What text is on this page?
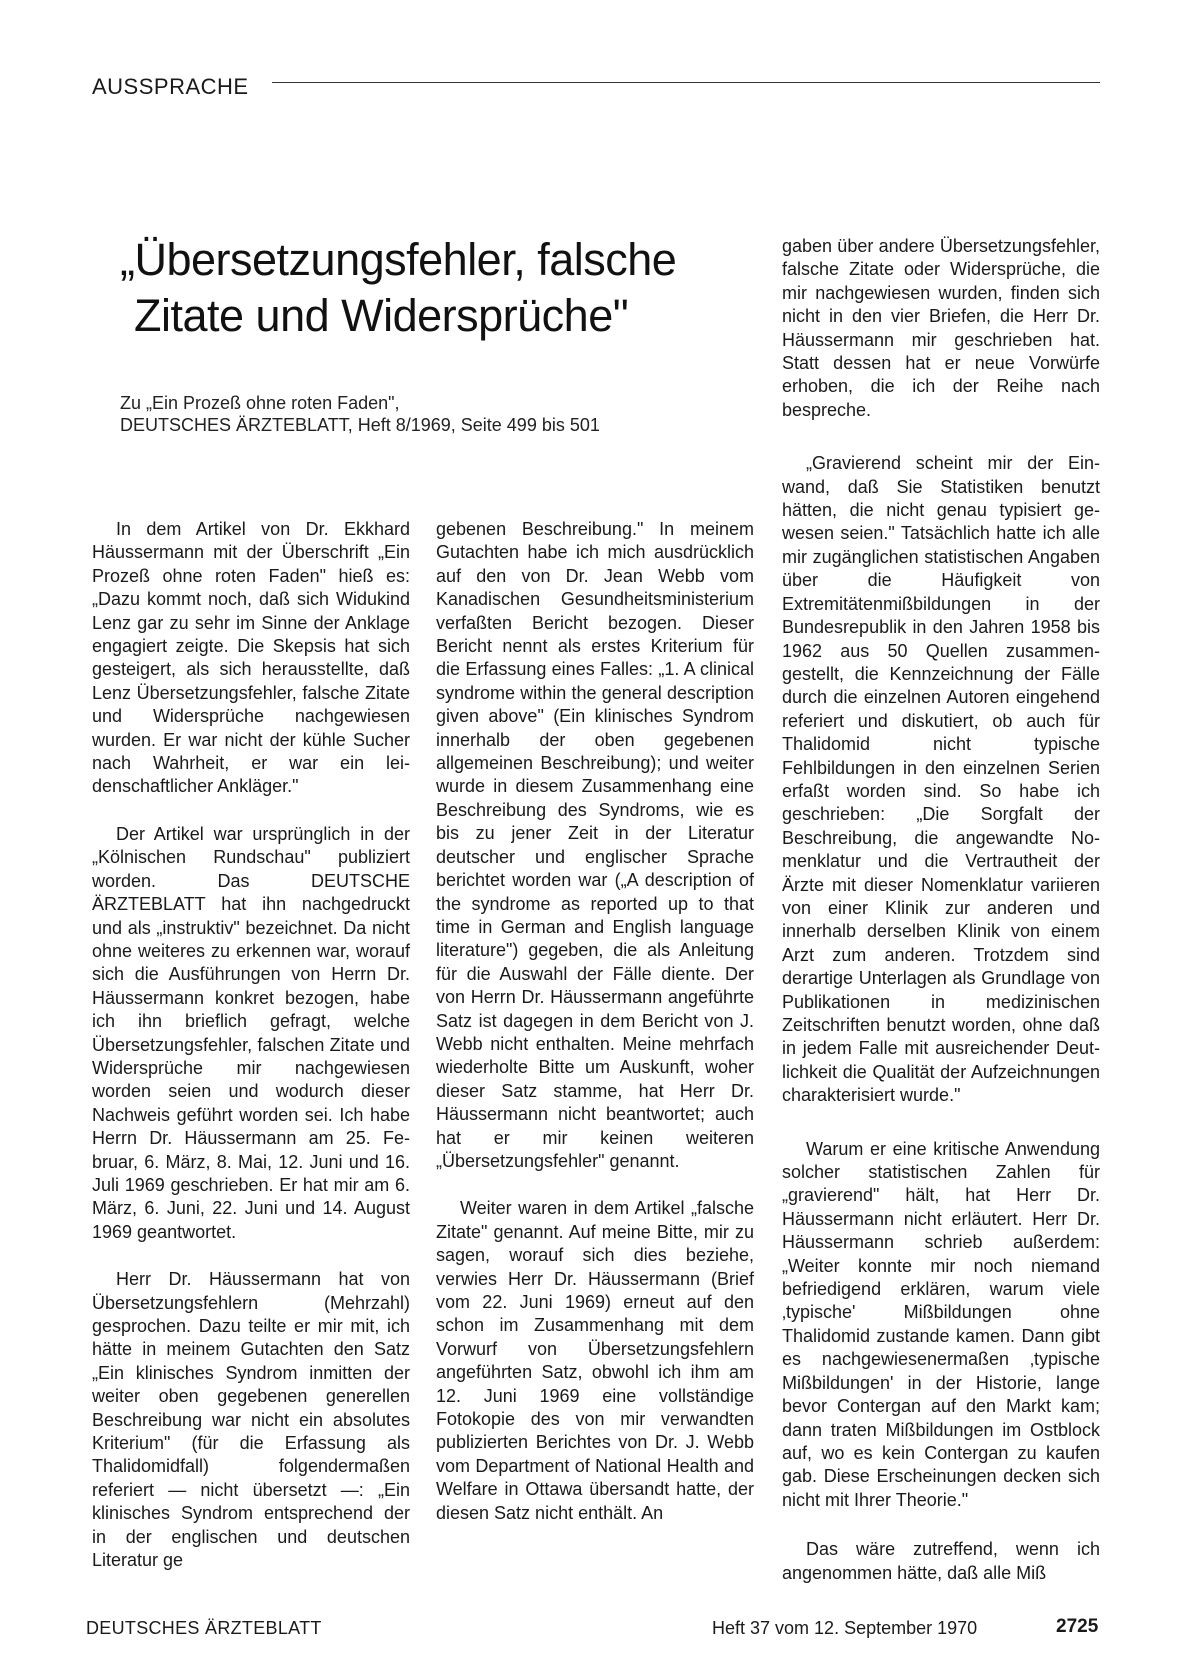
AUSSPRACHE
„Übersetzungsfehler, falsche
Zitate und Widersprüche"
Zu „Ein Prozeß ohne roten Faden",
DEUTSCHES ÄRZTEBLATT, Heft 8/1969, Seite 499 bis 501

In dem Artikel von Dr. Ekkhard Häussermann mit der Überschrift „Ein Prozeß ohne roten Faden" hieß es: „Dazu kommt noch, daß sich Widukind Lenz gar zu sehr im Sinne der Anklage engagiert zeigte. Die Skepsis hat sich gesteigert, als sich herausstellte, daß Lenz Übersetzungsfehler, falsche Zitate und Widersprüche nachgewiesen wurden. Er war nicht der kühle Sucher nach Wahrheit, er war ein leidenschaftlicher Ankläger."

Der Artikel war ursprünglich in der „Kölnischen Rundschau" publiziert worden. Das DEUTSCHE ÄRZTEBLATT hat ihn nachgedruckt und als „instruktiv" bezeichnet. Da nicht ohne weiteres zu erkennen war, worauf sich die Ausführungen von Herrn Dr. Häussermann konkret bezogen, habe ich ihn brieflich gefragt, welche Übersetzungsfehler, falschen Zitate und Widersprüche mir nachgewiesen worden seien und wodurch dieser Nachweis geführt worden sei. Ich habe Herrn Dr. Häussermann am 25. Februar, 6. März, 8. Mai, 12. Juni und 16. Juli 1969 geschrieben. Er hat mir am 6. März, 6. Juni, 22. Juni und 14. August 1969 geantwortet.

Herr Dr. Häussermann hat von Übersetzungsfehlern (Mehrzahl) gesprochen. Dazu teilte er mir mit, ich hätte in meinem Gutachten den Satz „Ein klinisches Syndrom inmitten der weiter oben gegebenen generellen Beschreibung war nicht ein absolutes Kriterium" (für die Erfassung als Thalidomidfall) folgendermaßen referiert — nicht übersetzt —: „Ein klinisches Syndrom entsprechend der in der englischen und deutschen Literatur ge

gebenen Beschreibung." In meinem Gutachten habe ich mich ausdrücklich auf den von Dr. Jean Webb vom Kanadischen Gesundheitsministerium verfaßten Bericht bezogen. Dieser Bericht nennt als erstes Kriterium für die Erfassung eines Falles: „1. A clinical syndrome within the general description given above" (Ein klinisches Syndrom innerhalb der oben gegebenen allgemeinen Beschreibung); und weiter wurde in diesem Zusammenhang eine Beschreibung des Syndroms, wie es bis zu jener Zeit in der Literatur deutscher und englischer Sprache berichtet worden war („A description of the syndrome as reported up to that time in German and English language literature") gegeben, die als Anleitung für die Auswahl der Fälle diente. Der von Herrn Dr. Häussermann angeführte Satz ist dagegen in dem Bericht von J. Webb nicht enthalten. Meine mehrfach wiederholte Bitte um Auskunft, woher dieser Satz stamme, hat Herr Dr. Häussermann nicht beantwortet; auch hat er mir keinen weiteren „Übersetzungsfehler" genannt.

Weiter waren in dem Artikel „falsche Zitate" genannt. Auf meine Bitte, mir zu sagen, worauf sich dies beziehe, verwies Herr Dr. Häussermann (Brief vom 22. Juni 1969) erneut auf den schon im Zusammenhang mit dem Vorwurf von Übersetzungsfehlern angeführten Satz, obwohl ich ihm am 12. Juni 1969 eine vollständige Fotokopie des von mir verwandten publizierten Berichtes von Dr. J. Webb vom Department of National Health and Welfare in Ottawa übersandt hatte, der diesen Satz nicht enthält. An

gaben über andere Übersetzungsfehler, falsche Zitate oder Widersprüche, die mir nachgewiesen wurden, finden sich nicht in den vier Briefen, die Herr Dr. Häussermann mir geschrieben hat. Statt dessen hat er neue Vorwürfe erhoben, die ich der Reihe nach bespreche.

„Gravierend scheint mir der Einwand, daß Sie Statistiken benutzt hätten, die nicht genau typisiert gewesen seien." Tatsächlich hatte ich alle mir zugänglichen statistischen Angaben über die Häufigkeit von Extremitätenmißbildungen in der Bundesrepublik in den Jahren 1958 bis 1962 aus 50 Quellen zusammengestellt, die Kennzeichnung der Fälle durch die einzelnen Autoren eingehend referiert und diskutiert, ob auch für Thalidomid nicht typische Fehlbildungen in den einzelnen Serien erfaßt worden sind. So habe ich geschrieben: „Die Sorgfalt der Beschreibung, die angewandte Nomenklatur und die Vertrautheit der Ärzte mit dieser Nomenklatur variieren von einer Klinik zur anderen und innerhalb derselben Klinik von einem Arzt zum anderen. Trotzdem sind derartige Unterlagen als Grundlage von Publikationen in medizinischen Zeitschriften benutzt worden, ohne daß in jedem Falle mit ausreichender Deutlichkeit die Qualität der Aufzeichnungen charakterisiert wurde."

Warum er eine kritische Anwendung solcher statistischen Zahlen für „gravierend" hält, hat Herr Dr. Häussermann nicht erläutert. Herr Dr. Häussermann schrieb außerdem: „Weiter konnte mir noch niemand befriedigend erklären, warum viele ‚typische' Mißbildungen ohne Thalidomid zustande kamen. Dann gibt es nachgewiesenermaßen ‚typische Mißbildungen' in der Historie, lange bevor Contergan auf den Markt kam; dann traten Mißbildungen im Ostblock auf, wo es kein Contergan zu kaufen gab. Diese Erscheinungen decken sich nicht mit Ihrer Theorie."

Das wäre zutreffend, wenn ich angenommen hätte, daß alle Miß

DEUTSCHES ÄRZTEBLATT	Heft 37 vom 12. September 1970	2725
